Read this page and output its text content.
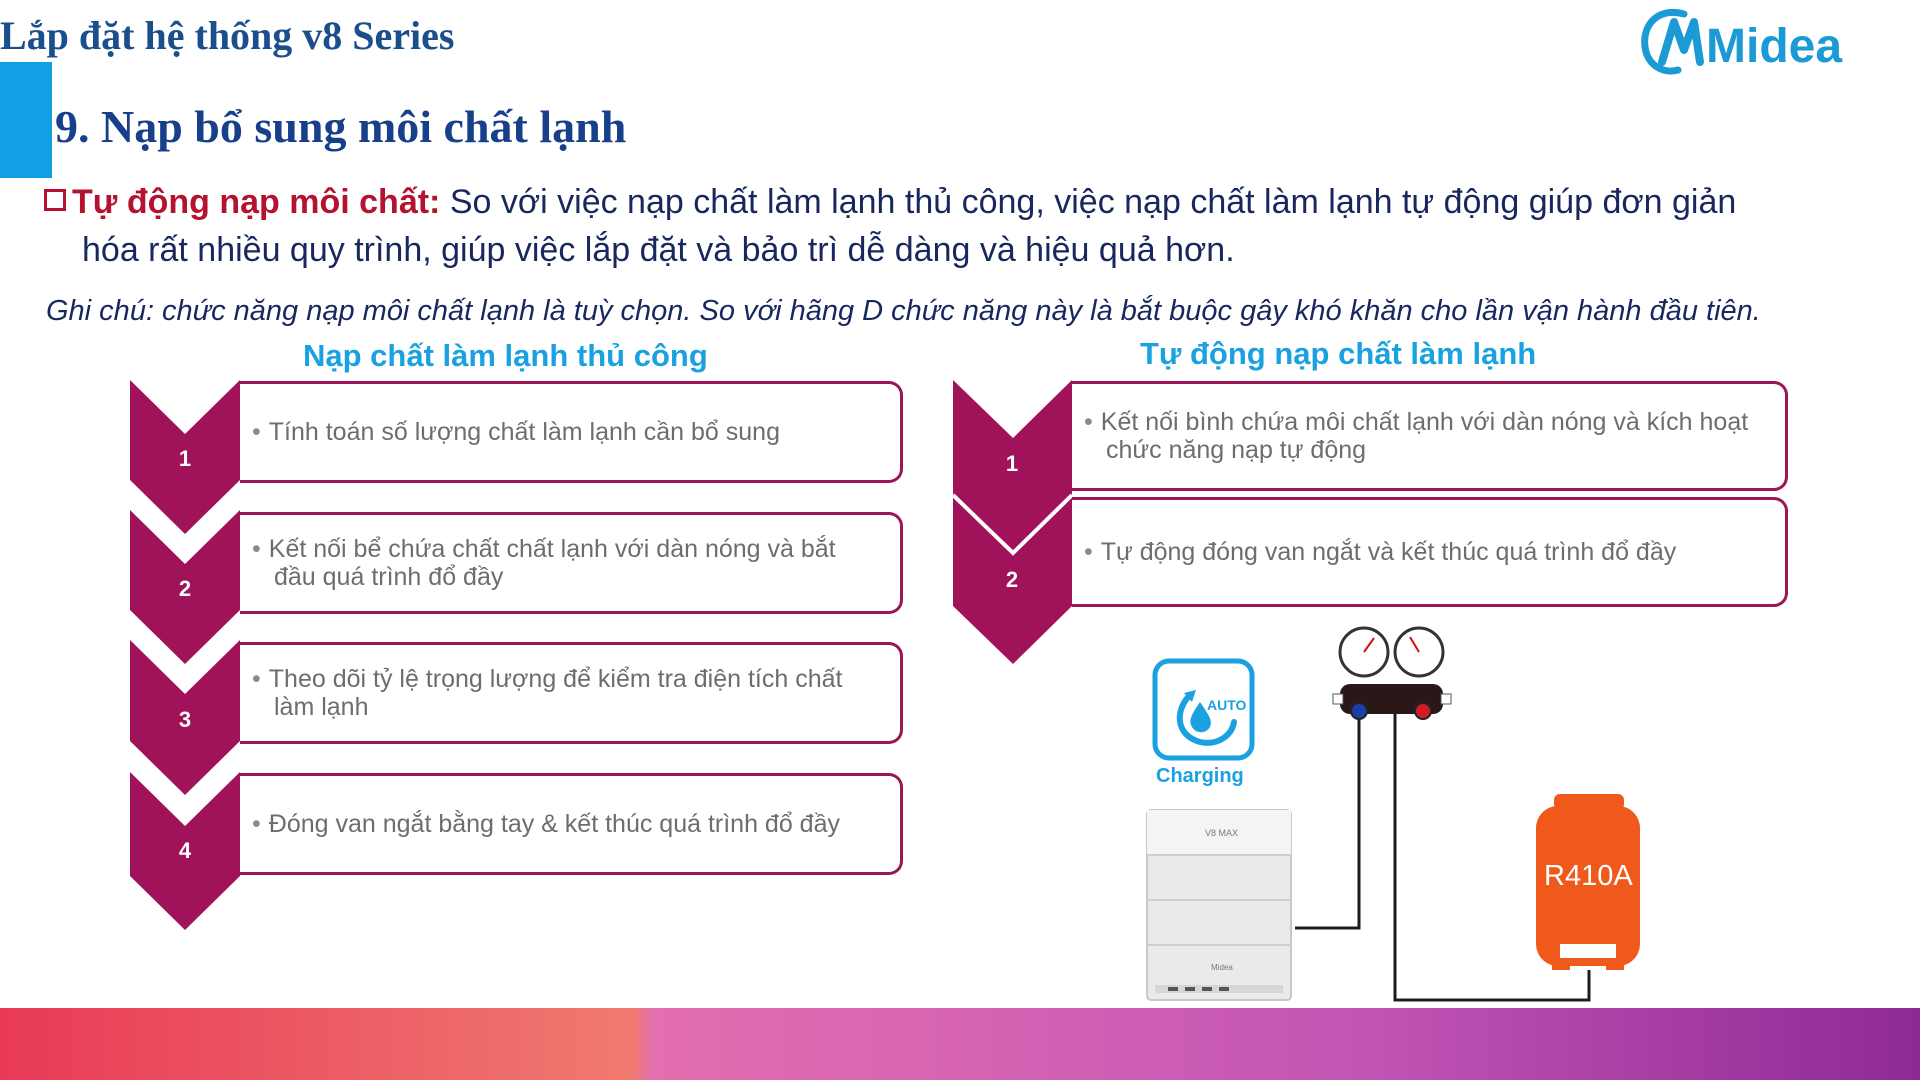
Lắp đặt hệ thống v8 Series
9. Nạp bổ sung môi chất lạnh
Midea
Tự động nạp môi chất: So với việc nạp chất làm lạnh thủ công, việc nạp chất làm lạnh tự động giúp đơn giản
hóa rất nhiều quy trình, giúp việc lắp đặt và bảo trì dễ dàng và hiệu quả hơn.
Ghi chú: chức năng nạp môi chất lạnh là tuỳ chọn. So với hãng D chức năng này là bắt buộc gây khó khăn cho lần vận hành đầu tiên.
Nạp chất làm lạnh thủ công	Tự động nạp chất làm lạnh
1
2
3
4
• Tính toán số lượng chất làm lạnh cần bổ sung
• Kết nối bể chứa chất chất lạnh với dàn nóng và bắt đầu quá trình đổ đầy
• Theo dõi tỷ lệ trọng lượng để kiểm tra điện tích chất làm lạnh
• Đóng van ngắt bằng tay & kết thúc quá trình đổ đầy
1
2
• Kết nối bình chứa môi chất lạnh với dàn nóng và kích hoạt chức năng nạp tự động
• Tự động đóng van ngắt và kết thúc quá trình đổ đầy
AUTO
Charging
V8 MAX
Midea
R410A
